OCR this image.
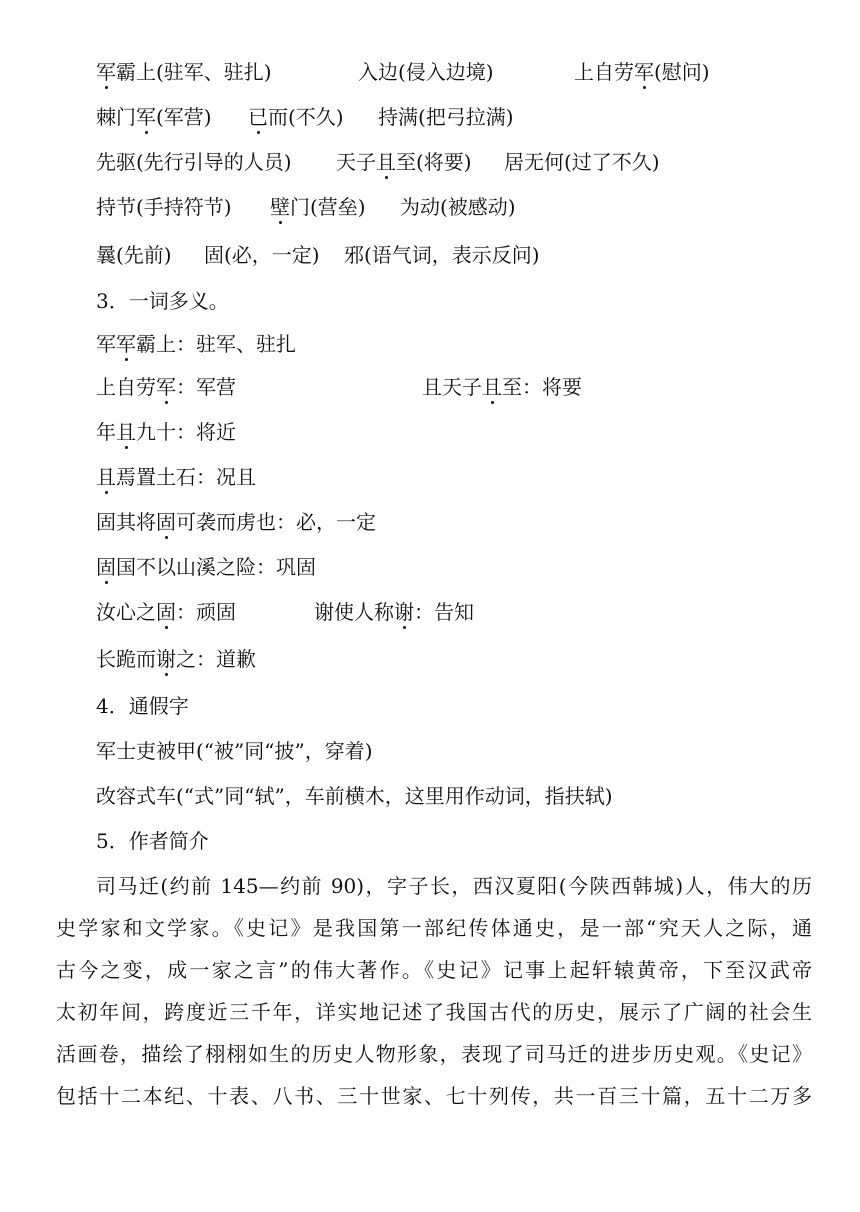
军霸上(驻军、驻扎)	入边(侵入边境)	上自劳军(慰问)
棘门军(军营) 已而(不久) 持满(把弓拉满)
先驱(先行引导的人员) 天子且至(将要) 居无何(过了不久)
持节(手持符节) 壁门(营垒) 为动(被感动)
曩(先前) 固(必，一定) 邪(语气词，表示反问)
3．一词多义。
军军霸上：驻军、驻扎
上自劳军：军营	且天子且至：将要
年且九十：将近
且焉置土石：况且
固其将固可袭而虏也：必，一定
固国不以山溪之险：巩固
汝心之固：顽固	谢使人称谢：告知
长跪而谢之：道歉
4．通假字
军士吏被甲(“被”同“披”，穿着)
改容式车(“式”同“轼”，车前横木，这里用作动词，指扶轼)
5．作者简介
司马迁(约前 145—约前 90)，字子长，西汉夏阳(今陕西韩城)人，伟大的历
史学家和文学家。《史记》是我国第一部纪传体通史，是一部“究天人之际，通
古今之变，成一家之言”的伟大著作。《史记》记事上起轩辕黄帝，下至汉武帝
太初年间，跨度近三千年，详实地记述了我国古代的历史，展示了广阔的社会生
活画卷，描绘了栩栩如生的历史人物形象，表现了司马迁的进步历史观。《史记》
包括十二本纪、十表、八书、三十世家、七十列传，共一百三十篇，五十二万多
